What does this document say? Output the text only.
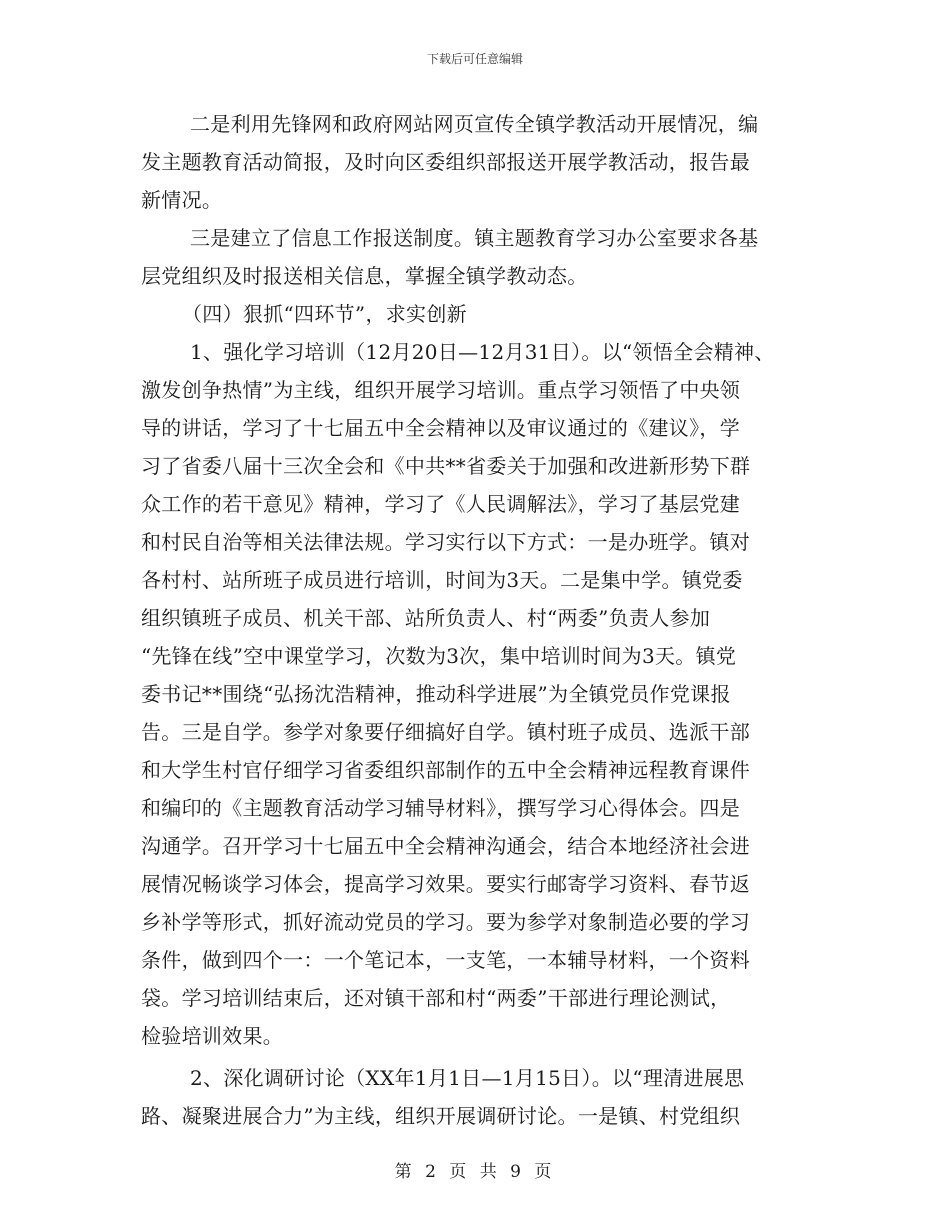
下载后可任意编辑
二是利用先锋网和政府网站网页宣传全镇学教活动开展情况，编
发主题教育活动简报，及时向区委组织部报送开展学教活动，报告最
新情况。
三是建立了信息工作报送制度。镇主题教育学习办公室要求各基
层党组织及时报送相关信息，掌握全镇学教动态。
（四）狠抓“四环节”，求实创新
1、强化学习培训（12月20日—12月31日）。以“领悟全会精神、
激发创争热情”为主线，组织开展学习培训。重点学习领悟了中央领
导的讲话，学习了十七届五中全会精神以及审议通过的《建议》，学
习了省委八届十三次全会和《中共**省委关于加强和改进新形势下群
众工作的若干意见》精神，学习了《人民调解法》，学习了基层党建
和村民自治等相关法律法规。学习实行以下方式：一是办班学。镇对
各村村、站所班子成员进行培训，时间为3天。二是集中学。镇党委
组织镇班子成员、机关干部、站所负责人、村“两委”负责人参加
“先锋在线”空中课堂学习，次数为3次，集中培训时间为3天。镇党
委书记**围绕“弘扬沈浩精神，推动科学进展”为全镇党员作党课报
告。三是自学。参学对象要仔细搞好自学。镇村班子成员、选派干部
和大学生村官仔细学习省委组织部制作的五中全会精神远程教育课件
和编印的《主题教育活动学习辅导材料》，撰写学习心得体会。四是
沟通学。召开学习十七届五中全会精神沟通会，结合本地经济社会进
展情况畅谈学习体会，提高学习效果。要实行邮寄学习资料、春节返
乡补学等形式，抓好流动党员的学习。要为参学对象制造必要的学习
条件，做到四个一：一个笔记本，一支笔，一本辅导材料，一个资料
袋。学习培训结束后，还对镇干部和村“两委”干部进行理论测试，
检验培训效果。
2、深化调研讨论（XX年1月1日—1月15日）。以“理清进展思
路、凝聚进展合力”为主线，组织开展调研讨论。一是镇、村党组织
第 2 页 共 9 页
